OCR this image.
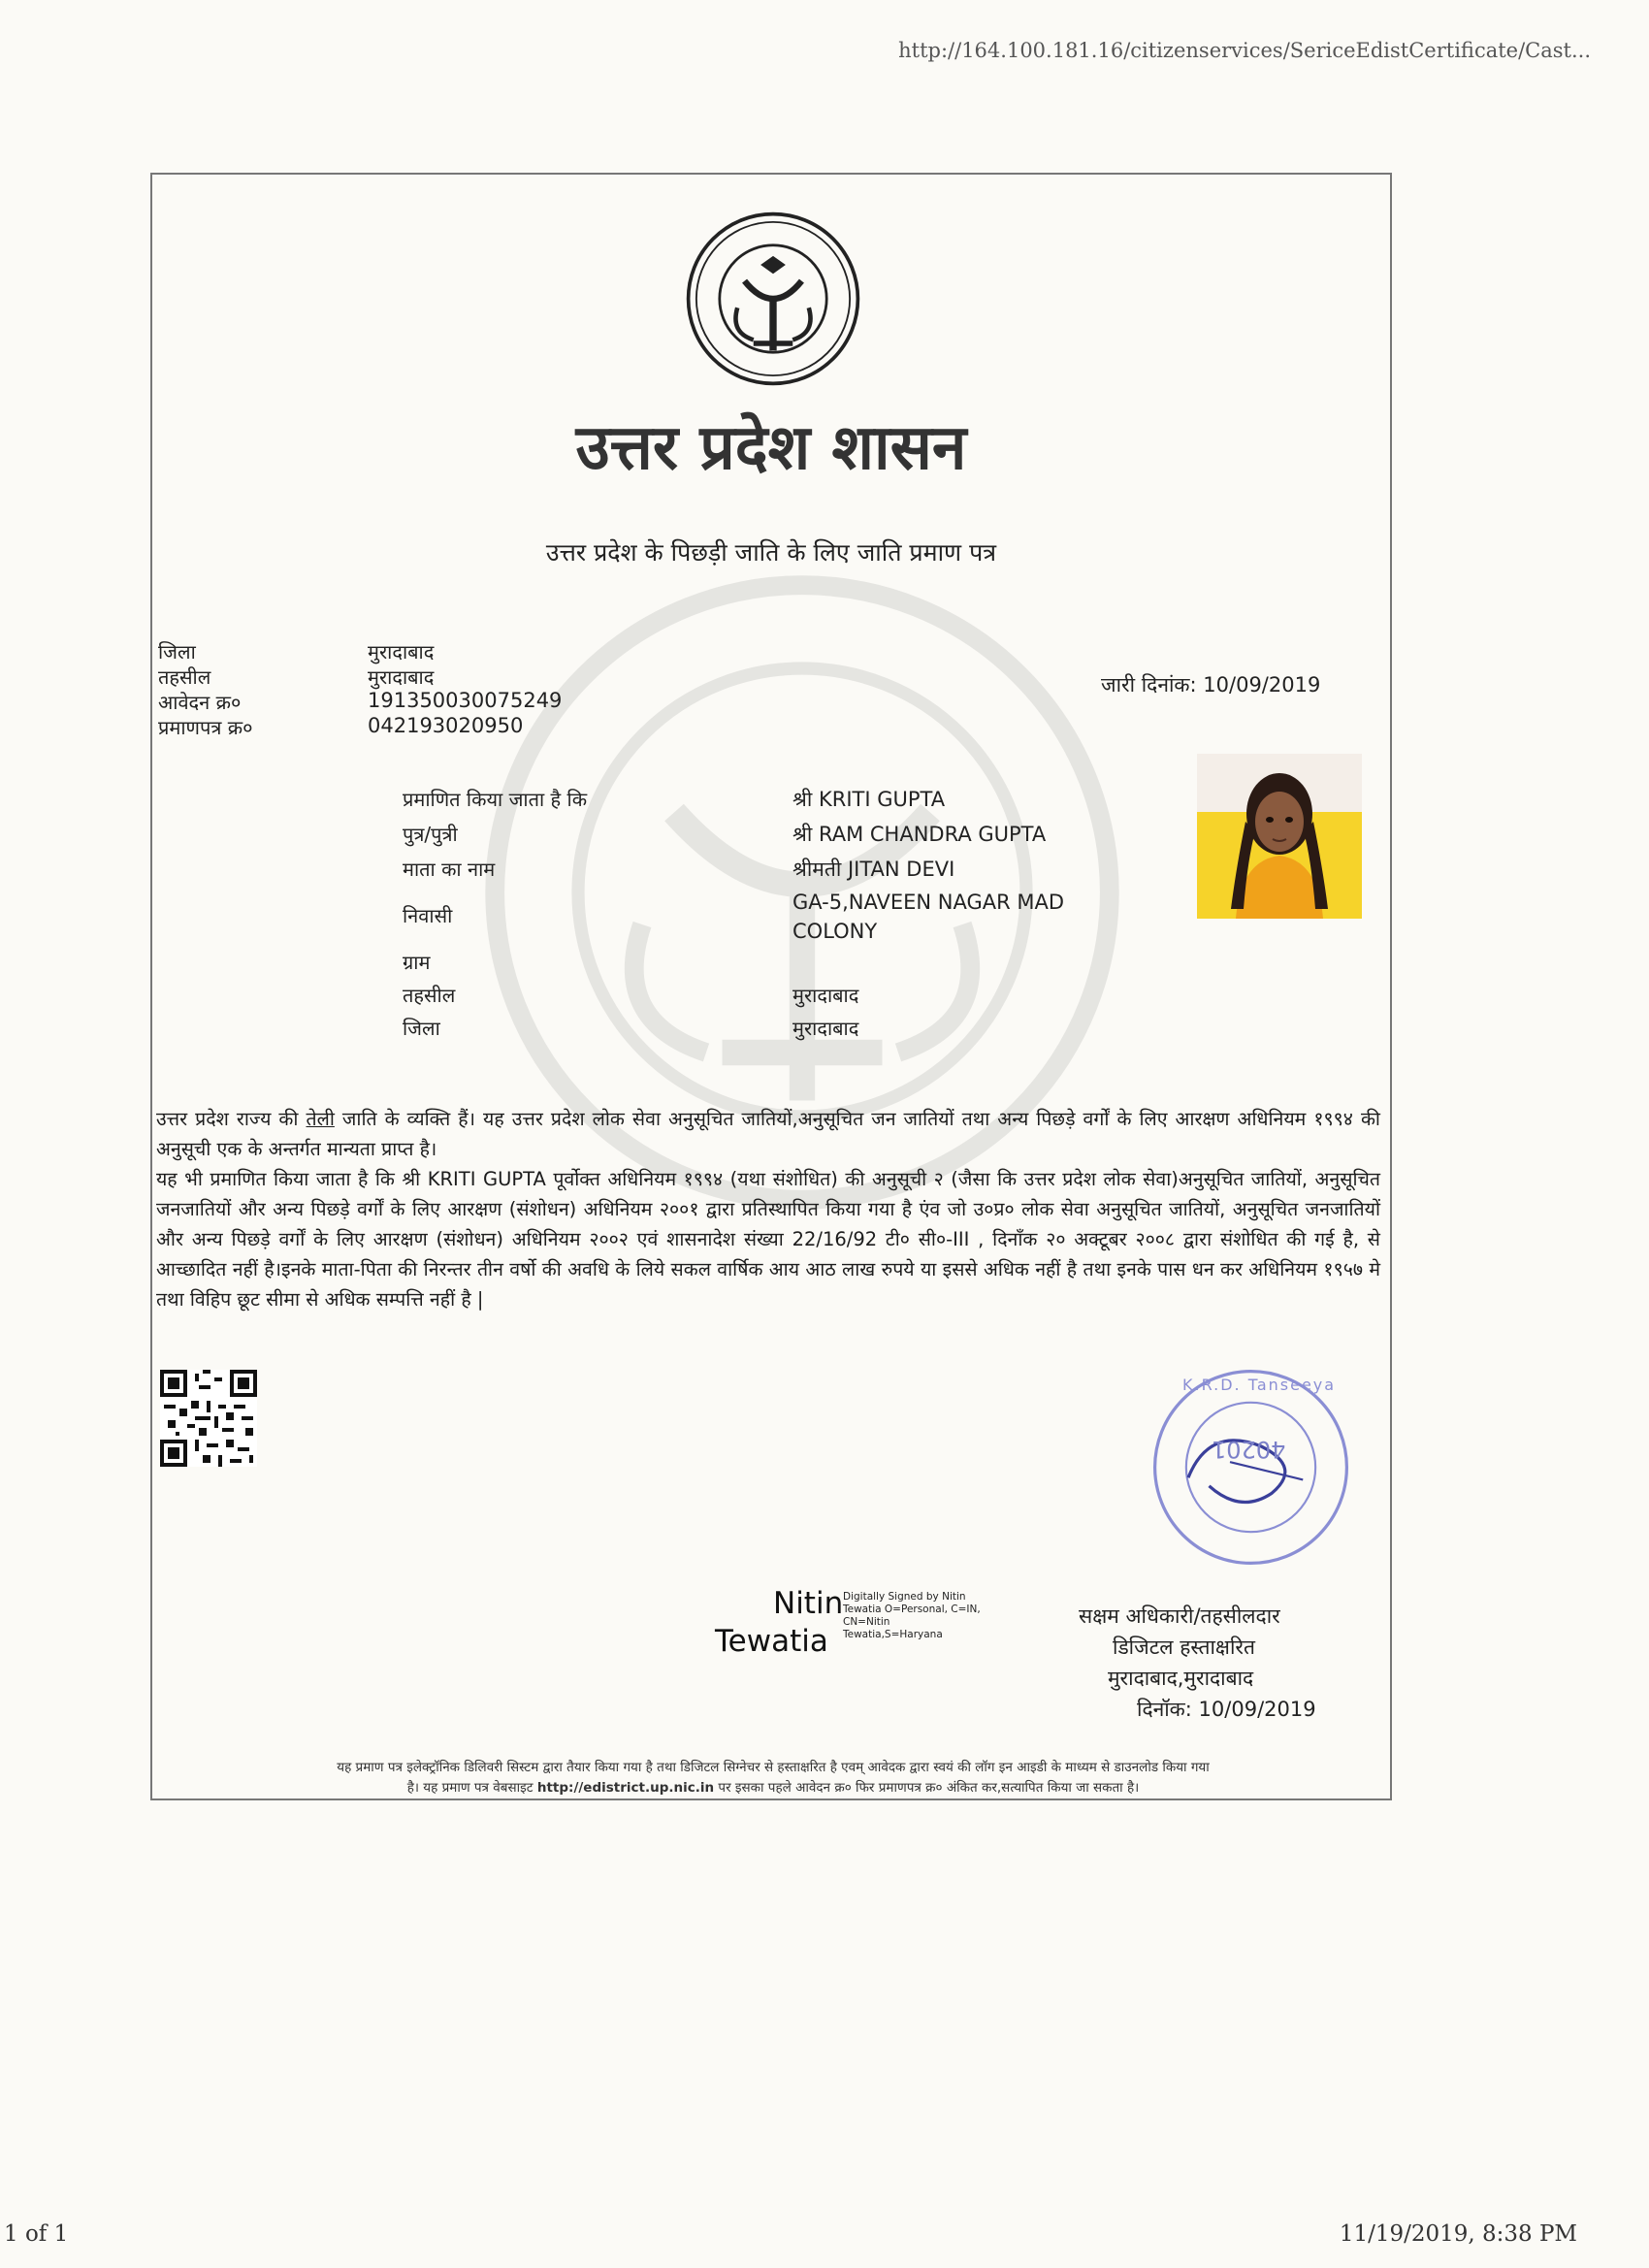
http://164.100.181.16/citizenservices/SericeEdistCertificate/Cast...
उत्तर प्रदेश शासन
उत्तर प्रदेश के पिछड़ी जाति के लिए जाति प्रमाण पत्र
जिला
तहसील
आवेदन क्र०
प्रमाणपत्र क्र०
मुरादाबाद
मुरादाबाद
191350030075249
042193020950
जारी दिनांक: 10/09/2019
प्रमाणित किया जाता है कि
पुत्र/पुत्री
माता का नाम
निवासी
ग्राम
तहसील
जिला
श्री KRITI GUPTA
श्री RAM CHANDRA GUPTA
श्रीमती JITAN DEVI
GA-5,NAVEEN NAGAR MAD
COLONY
मुरादाबाद
मुरादाबाद

उत्तर प्रदेश राज्य की तेली जाति के व्यक्ति हैं। यह उत्तर प्रदेश लोक सेवा अनुसूचित जातियों,अनुसूचित जन जातियों तथा अन्य पिछड़े वर्गों के लिए आरक्षण अधिनियम १९९४ की अनुसूची एक के अन्तर्गत मान्यता प्राप्त है।

यह भी प्रमाणित किया जाता है कि श्री KRITI GUPTA पूर्वोक्त अधिनियम १९९४ (यथा संशोधित) की अनुसूची २ (जैसा कि उत्तर प्रदेश लोक सेवा)अनुसूचित जातियों, अनुसूचित जनजातियों और अन्य पिछड़े वर्गों के लिए आरक्षण (संशोधन) अधिनियम २००१ द्वारा प्रतिस्थापित किया गया है एंव जो उ०प्र० लोक सेवा अनुसूचित जातियों, अनुसूचित जनजातियों और अन्य पिछड़े वर्गों के लिए आरक्षण (संशोधन) अधिनियम २००२ एवं शासनादेश संख्या 22/16/92 टी० सी०-III , दिनाँक २० अक्टूबर २००८ द्वारा संशोधित की गई है, से आच्छादित नहीं है।इनके माता-पिता की निरन्तर तीन वर्षो की अवधि के लिये सकल वार्षिक आय आठ लाख रुपये या इससे अधिक नहीं है तथा इनके पास धन कर अधिनियम १९५७ मे तथा विहिप छूट सीमा से अधिक सम्पत्ति नहीं है |

40201
K.R.D. Tanseeya
Nitin
Tewatia
Digitally Signed by Nitin
Tewatia O=Personal, C=IN,
CN=Nitin
Tewatia,S=Haryana
सक्षम अधिकारी/तहसीलदार
डिजिटल हस्ताक्षरित
मुरादाबाद,मुरादाबाद
दिनॉक: 10/09/2019
यह प्रमाण पत्र इलेक्ट्रॉनिक डिलिवरी सिस्टम द्वारा तैयार किया गया है तथा डिजिटल सिग्नेचर से हस्ताक्षरित है एवम् आवेदक द्वारा स्वयं की लॉग इन आइडी के माध्यम से डाउनलोड किया गया
है। यह प्रमाण पत्र वेबसाइट http://edistrict.up.nic.in पर इसका पहले आवेदन क्र० फिर प्रमाणपत्र क्र० अंकित कर,सत्यापित किया जा सकता है।
1 of 1	11/19/2019, 8:38 PM
